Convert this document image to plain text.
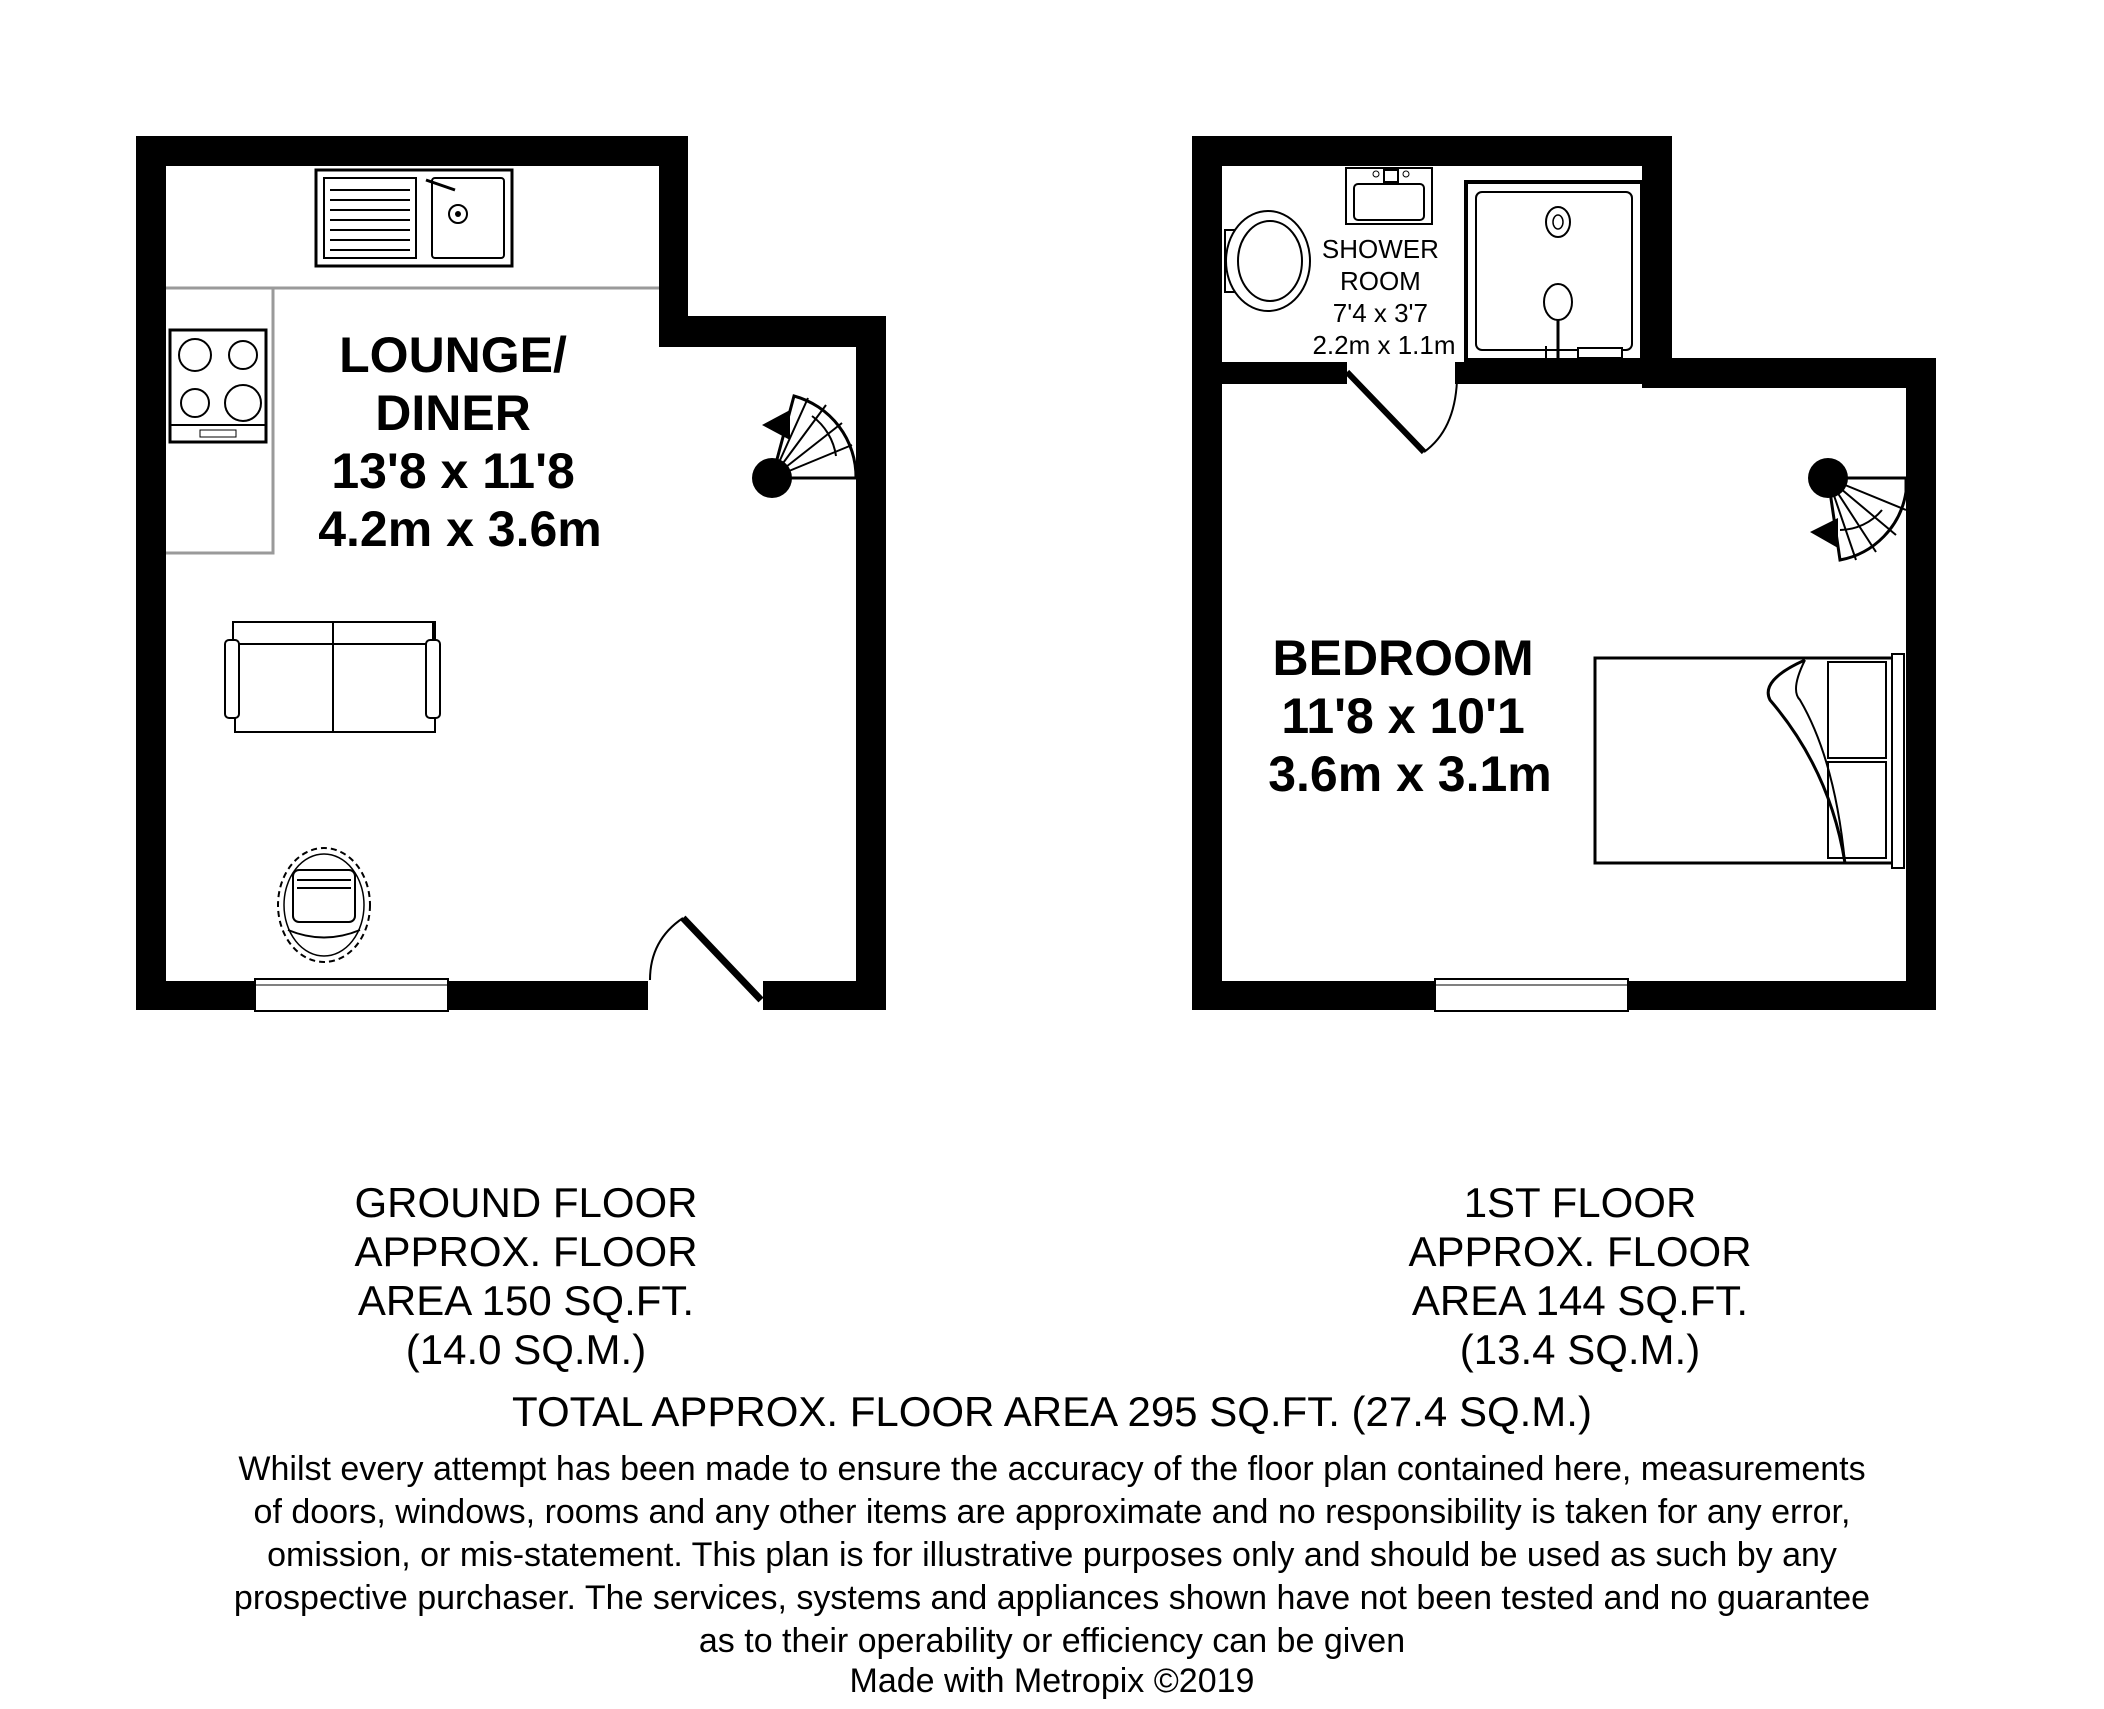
LOUNGE/ DINER 13'8 x 11'8 4.2m x 3.6m
SHOWER ROOM 7'4 x 3'7 2.2m x 1.1m
BEDROOM 11'8 x 10'1 3.6m x 3.1m
GROUND FLOOR
APPROX. FLOOR
AREA 150 SQ.FT.
(14.0 SQ.M.)
1ST FLOOR
APPROX. FLOOR
AREA 144 SQ.FT.
(13.4 SQ.M.)
TOTAL APPROX. FLOOR AREA 295 SQ.FT. (27.4 SQ.M.)
Whilst every attempt has been made to ensure the accuracy of the floor plan contained here, measurements
of doors, windows, rooms and any other items are approximate and no responsibility is taken for any error,
omission, or mis-statement. This plan is for illustrative purposes only and should be used as such by any
prospective purchaser. The services, systems and appliances shown have not been tested and no guarantee
as to their operability or efficiency can be given
Made with Metropix ©2019
